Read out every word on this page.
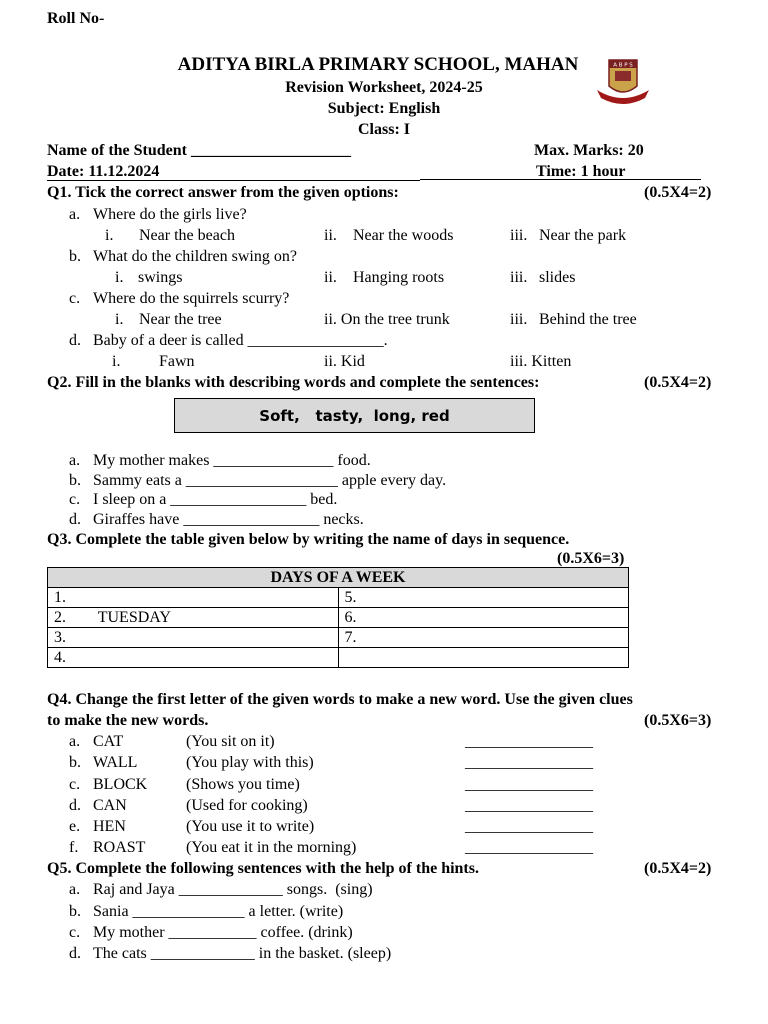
Roll No-
ADITYA BIRLA PRIMARY SCHOOL, MAHAN
Revision Worksheet, 2024-25
Subject: English
Class: I
A B P S
Name of the Student ____________________	Max. Marks: 20
Date: 11.12.2024	Time: 1 hour
Q1. Tick the correct answer from the given options:	(0.5X4=2)
a. Where do the girls live?
i. Near the beach	ii. Near the woods	iii. Near the park
b. What do the children swing on?
i. swings	ii. Hanging roots	iii. slides
c. Where do the squirrels scurry?
i. Near the tree	ii. On the tree trunk	iii. Behind the tree
d. Baby of a deer is called _________________.
i. Fawn	ii. Kid	iii. Kitten
Q2. Fill in the blanks with describing words and complete the sentences:	(0.5X4=2)
Soft,   tasty,  long, red
a. My mother makes _______________ food.
b. Sammy eats a ___________________ apple every day.
c. I sleep on a _________________ bed.
d. Giraffes have _________________ necks.
Q3. Complete the table given below by writing the name of days in sequence.
(0.5X6=3)
DAYS OF A WEEK	
1.	5.
2.        TUESDAY	6.
3.	7.
4.	
Q4. Change the first letter of the given words to make a new word. Use the given clues
to make the new words.	(0.5X6=3)
a. CAT	(You sit on it)	________________
b. WALL	(You play with this)	________________
c. BLOCK (Shows you time)	________________
d. CAN	(Used for cooking)	________________
e. HEN	(You use it to write)	________________
f. ROAST	(You eat it in the morning)	________________
Q5. Complete the following sentences with the help of the hints.	(0.5X4=2)
a. Raj and Jaya _____________ songs.  (sing)
b. Sania ______________ a letter. (write)
c. My mother ___________ coffee. (drink)
d. The cats _____________ in the basket. (sleep)
